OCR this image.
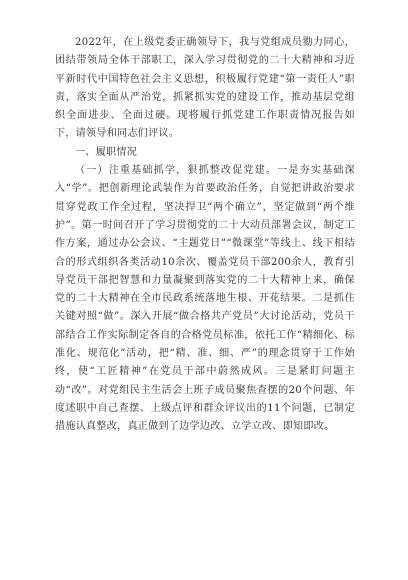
2022年，在上级党委正确领导下，我与党组成员勠力同心，团结带领局全体干部职工，深入学习贯彻党的二十大精神和习近平新时代中国特色社会主义思想，积极履行党建“第一责任人”职责，落实全面从严治党，抓紧抓实党的建设工作，推动基层党组织全面进步、全面过硬。现将履行抓党建工作职责情况报告如下，请领导和同志们评议。

一、履职情况

（一）注重基础抓学，狠抓整改促党建。一是夯实基础深入“学”。把创新理论武装作为首要政治任务，自觉把讲政治要求贯穿党政工作全过程，坚决捍卫“两个确立”，坚定做到“两个维护”。第一时间召开了学习贯彻党的二十大动员部署会议，制定工作方案，通过办公会议、“主题党日”“微课堂”等线上、线下相结合的形式组织各类活动10余次、覆盖党员干部200余人，教育引导党员干部把智慧和力量凝聚到落实党的二十大精神上来，确保党的二十大精神在全市民政系统落地生根、开花结果。二是抓住关键对照“做”。深入开展“做合格共产党员”大讨论活动，党员干部结合工作实际制定各自的合格党员标准，依托工作“精细化、标准化、规范化”活动，把“精、准、细、严”的理念贯穿于工作始终，使“工匠精神”在党员干部中蔚然成风。三是紧盯问题主动“改”。对党组民主生活会上班子成员聚焦查摆的20个问题、年度述职中自己查摆、上级点评和群众评议出的11个问题，已制定措施认真整改，真正做到了边学边改、立学立改、即知即改。
